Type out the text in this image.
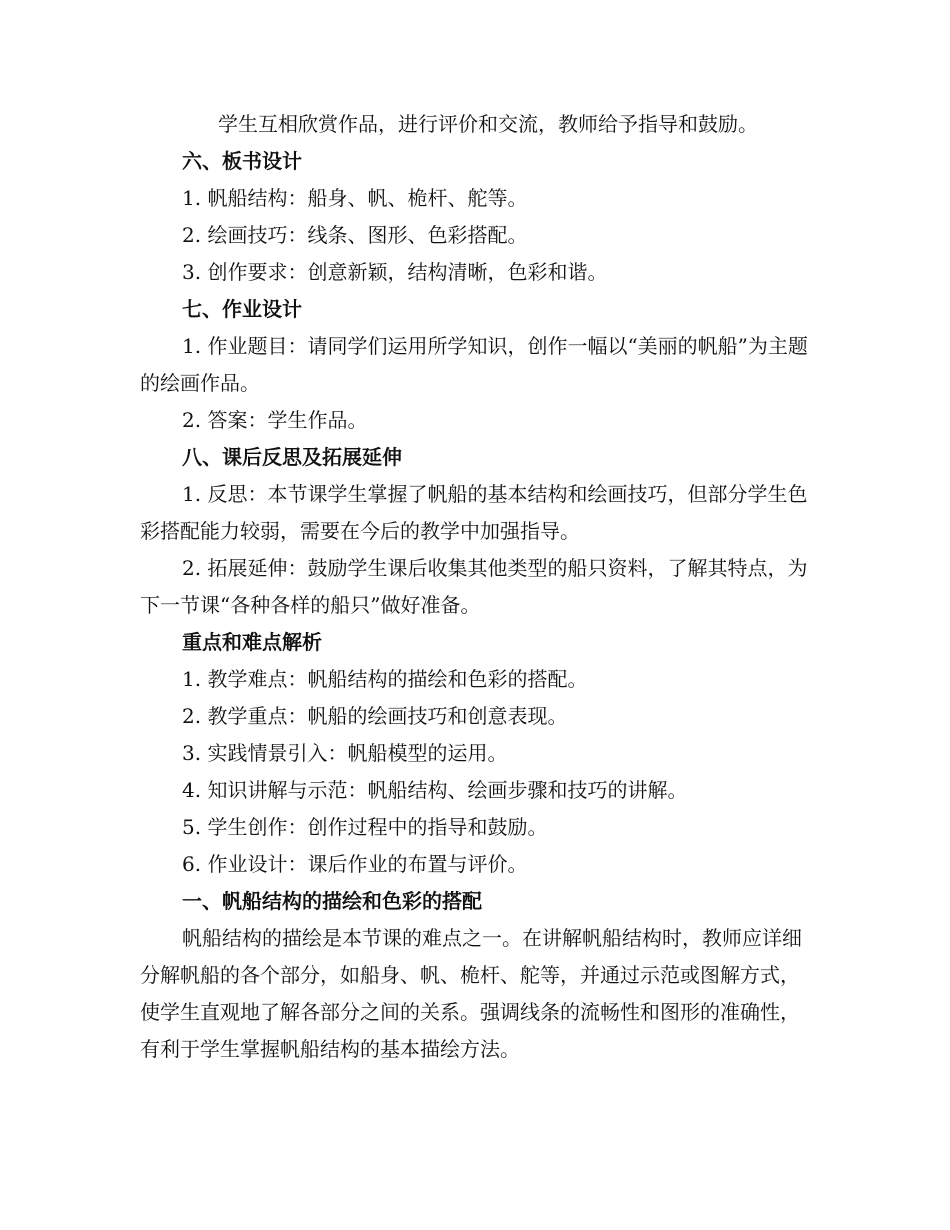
学生互相欣赏作品，进行评价和交流，教师给予指导和鼓励。

六、板书设计

1. 帆船结构：船身、帆、桅杆、舵等。

2. 绘画技巧：线条、图形、色彩搭配。

3. 创作要求：创意新颖，结构清晰，色彩和谐。

七、作业设计

1. 作业题目：请同学们运用所学知识，创作一幅以“美丽的帆船”为主题的绘画作品。

2. 答案：学生作品。

八、课后反思及拓展延伸

1. 反思：本节课学生掌握了帆船的基本结构和绘画技巧，但部分学生色彩搭配能力较弱，需要在今后的教学中加强指导。

2. 拓展延伸：鼓励学生课后收集其他类型的船只资料，了解其特点，为下一节课“各种各样的船只”做好准备。

重点和难点解析

1. 教学难点：帆船结构的描绘和色彩的搭配。

2. 教学重点：帆船的绘画技巧和创意表现。

3. 实践情景引入：帆船模型的运用。

4. 知识讲解与示范：帆船结构、绘画步骤和技巧的讲解。

5. 学生创作：创作过程中的指导和鼓励。

6. 作业设计：课后作业的布置与评价。

一、帆船结构的描绘和色彩的搭配

帆船结构的描绘是本节课的难点之一。在讲解帆船结构时，教师应详细分解帆船的各个部分，如船身、帆、桅杆、舵等，并通过示范或图解方式，使学生直观地了解各部分之间的关系。强调线条的流畅性和图形的准确性，有利于学生掌握帆船结构的基本描绘方法。
